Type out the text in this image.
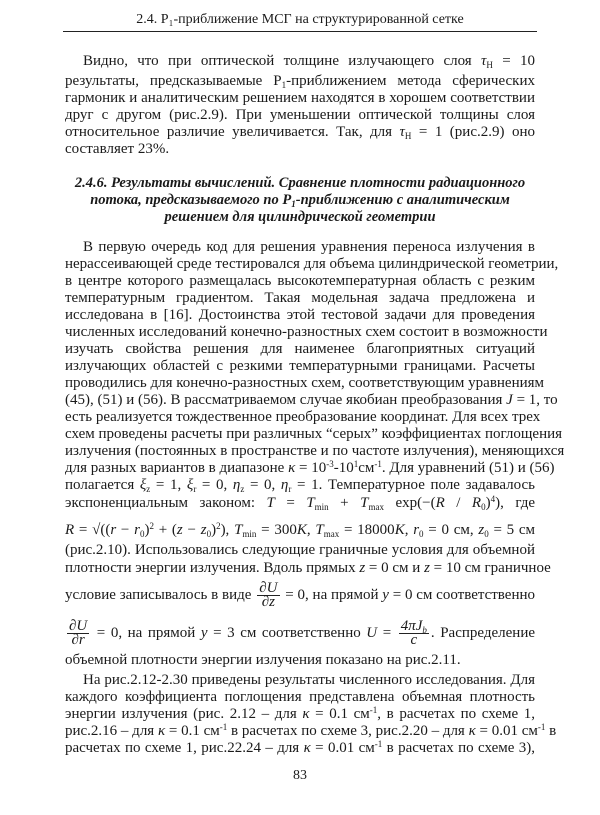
2.4. P₁-приближение МСГ на структурированной сетке
Видно, что при оптической толщине излучающего слоя $\tau_H = 10$
результаты, предсказываемые $P_1$-приближением метода сферических
гармоник и аналитическим решением находятся в хорошем соответствии
друг с другом (рис.2.9). При уменьшении оптической толщины слоя
относительное различие увеличивается. Так, для $\tau_H = 1$ (рис.2.9) оно
составляет 23%.
2.4.6. Результаты вычислений. Сравнение плотности радиационного
потока, предсказываемого по $P_1$-приближению с аналитическим
решением для цилиндрической геометрии
В первую очередь код для решения уравнения переноса излучения в
нерассеивающей среде тестировался для объема цилиндрической геометрии,
в центре которого размещалась высокотемпературная область с резким
температурным градиентом. Такая модельная задача предложена и
исследована в [16]. Достоинства этой тестовой задачи для проведения
численных исследований конечно-разностных схем состоит в возможности
изучать свойства решения для наименее благоприятных ситуаций
излучающих областей с резкими температурными границами. Расчеты
проводились для конечно-разностных схем, соответствующим уравнениям
(45), (51) и (56). В рассматриваемом случае якобиан преобразования J = 1, то
есть реализуется тождественное преобразование координат. Для всех трех
схем проведены расчеты при различных “серых” коэффициентах поглощения
излучения (постоянных в пространстве и по частоте излучения), меняющихся
для разных вариантов в диапазоне $\kappa = 10^{-3}-10^1см^{-1}$. Для уравнений (51) и (56)
полагается $\xi_z = 1$, $\xi_r = 0$, $\eta_z = 0$, $\eta_r = 1$. Температурное поле задавалось
экспоненциальным законом: $T = T_{min} + T_{max}$ $\exp(-(R / R_0)^4)$, где
$R = √((r - r_0)^2 + (z - z_0)^2)$, $T_{min} = 300K$, $T_{max} = 18000K$, $r_0 = 0$ см, $z_0 = 5$ см
(рис.2.10). Использовались следующие граничные условия для объемной
плотности энергии излучения. Вдоль прямых z = 0 см и z = 10 см граничное
условие записывалось в виде $\frac{\partial U}{\partial z} = 0$, на прямой y = 0 см соответственно
$\frac{\partial U}{\partial r} = 0$, на прямой y = 3 см соответственно $U = \frac{4\pi J_b}{c}$ . Распределение
объемной плотности энергии излучения показано на рис.2.11.
На рис.2.12-2.30 приведены результаты численного исследования. Для
каждого коэффициента поглощения представлена объемная плотность
энергии излучения (рис. 2.12 – для κ = 0.1 $см^{-1}$, в расчетах по схеме 1,
рис.2.16 – для κ = 0.1 $см^{-1}$ в расчетах по схеме 3, рис.2.20 – для κ = 0.01 $см^{-1}$ в
расчетах по схеме 1, рис.22.24 – для κ = 0.01 $см^{-1}$ в расчетах по схеме 3),
83
